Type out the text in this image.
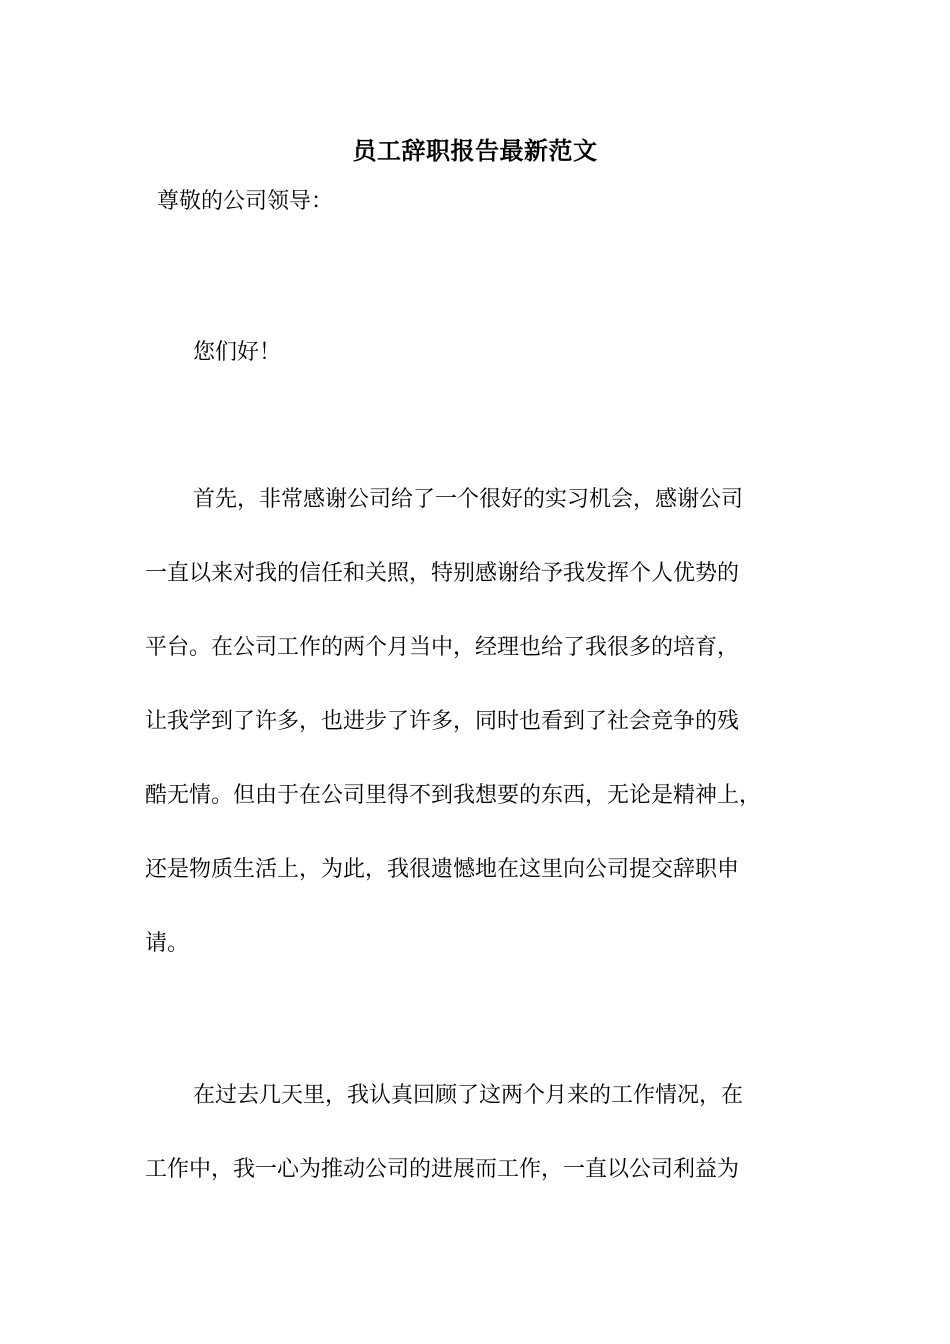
员工辞职报告最新范文
尊敬的公司领导：
您们好！
首先，非常感谢公司给了一个很好的实习机会，感谢公司
一直以来对我的信任和关照，特别感谢给予我发挥个人优势的
平台。在公司工作的两个月当中，经理也给了我很多的培育，
让我学到了许多，也进步了许多，同时也看到了社会竞争的残
酷无情。但由于在公司里得不到我想要的东西，无论是精神上，
还是物质生活上，为此，我很遗憾地在这里向公司提交辞职申
请。
在过去几天里，我认真回顾了这两个月来的工作情况，在
工作中，我一心为推动公司的进展而工作，一直以公司利益为
